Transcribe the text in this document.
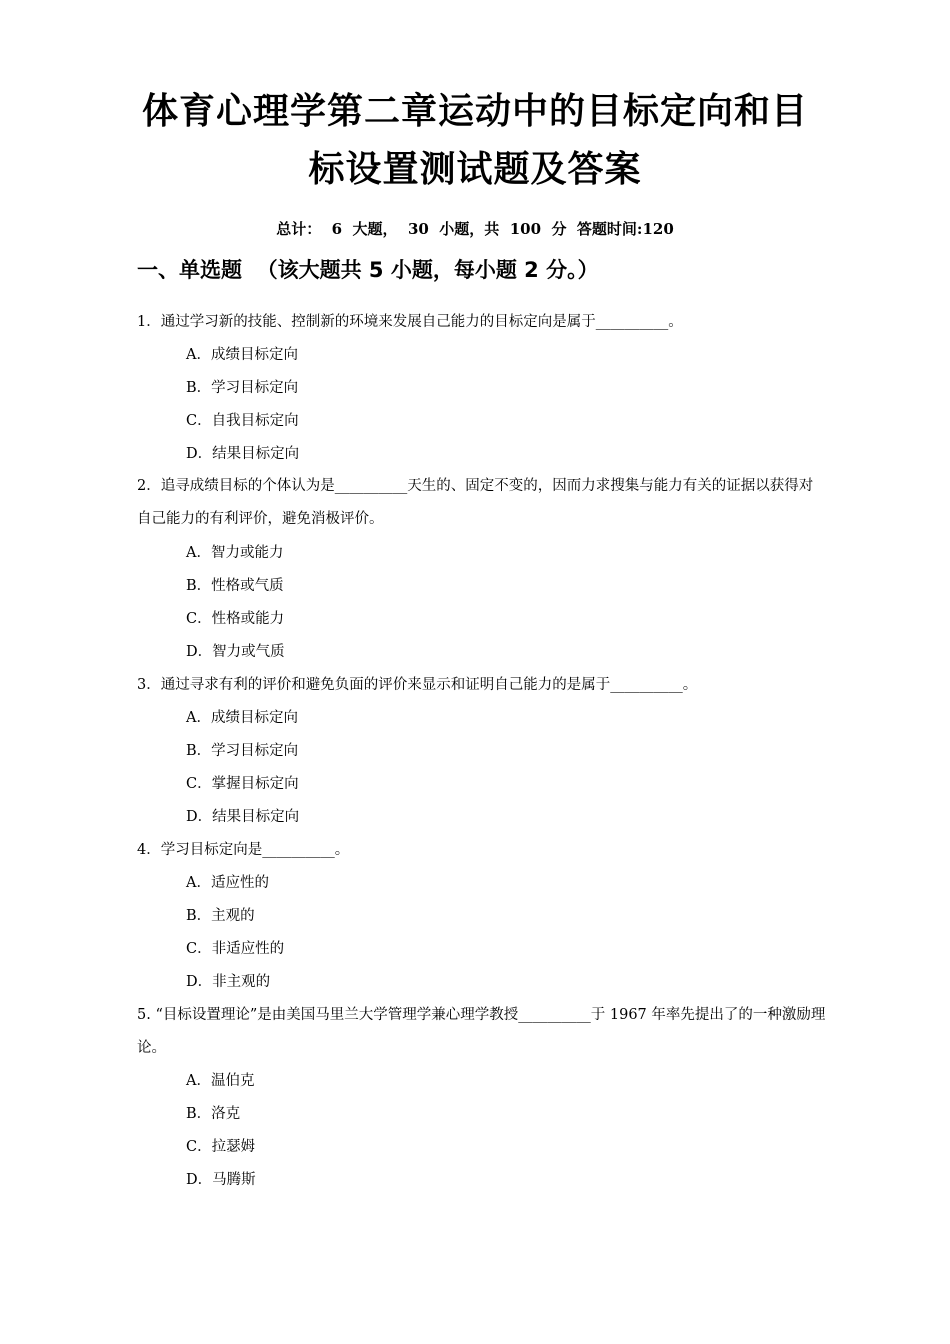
体育心理学第二章运动中的目标定向和目
标设置测试题及答案
总计：  6  大题，  30  小题，共  100  分  答题时间:120
一、单选题  （该大题共 5 小题，每小题 2 分。）
1．通过学习新的技能、控制新的环境来发展自己能力的目标定向是属于__________。
A．成绩目标定向
B．学习目标定向
C．自我目标定向
D．结果目标定向
2．追寻成绩目标的个体认为是__________天生的、固定不变的，因而力求搜集与能力有关的证据以获得对自己能力的有利评价，避免消极评价。
A．智力或能力
B．性格或气质
C．性格或能力
D．智力或气质
3．通过寻求有利的评价和避免负面的评价来显示和证明自己能力的是属于__________。
A．成绩目标定向
B．学习目标定向
C．掌握目标定向
D．结果目标定向
4．学习目标定向是__________。
A．适应性的
B．主观的
C．非适应性的
D．非主观的
5. “目标设置理论”是由美国马里兰大学管理学兼心理学教授__________于 1967 年率先提出了的一种激励理论。
A．温伯克
B．洛克
C．拉瑟姆
D．马腾斯
